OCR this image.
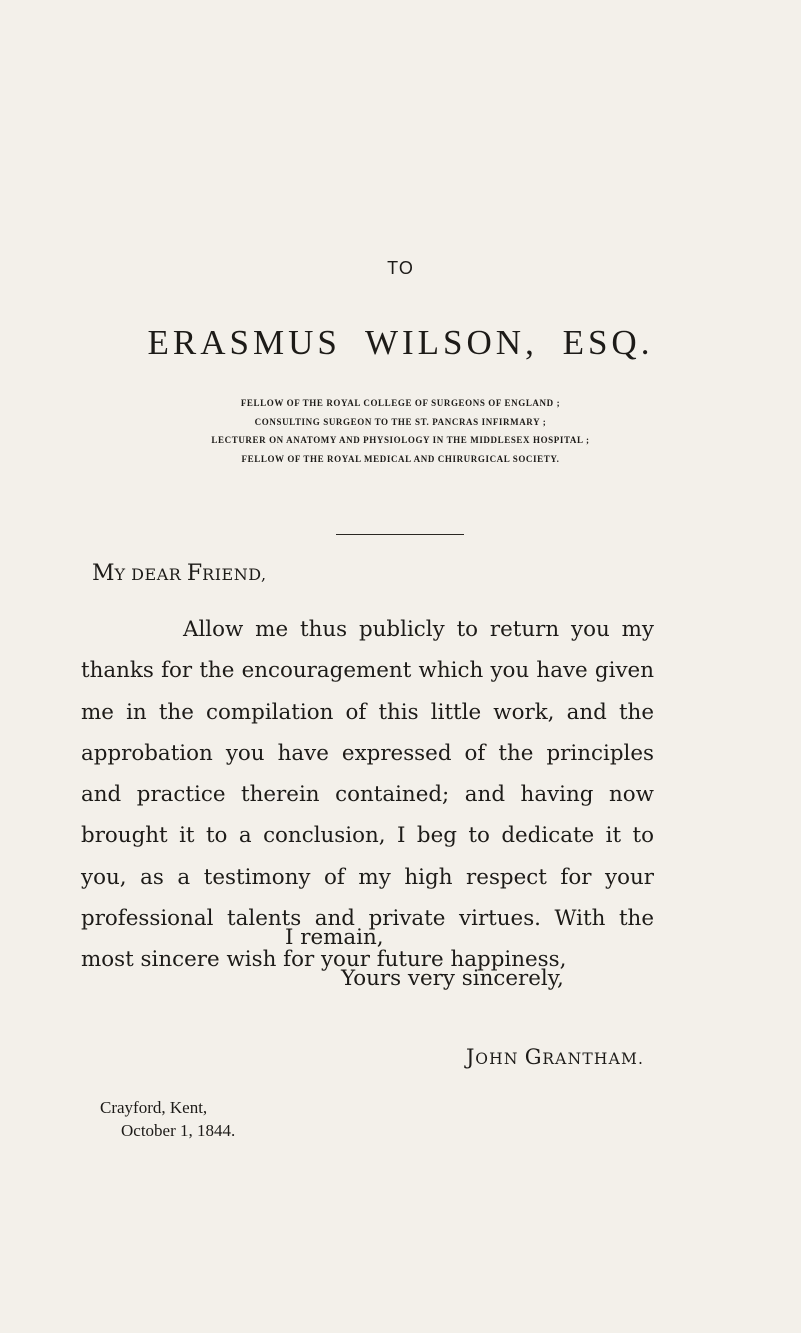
TO
ERASMUS WILSON, ESQ.
FELLOW OF THE ROYAL COLLEGE OF SURGEONS OF ENGLAND ;
CONSULTING SURGEON TO THE ST. PANCRAS INFIRMARY ;
LECTURER ON ANATOMY AND PHYSIOLOGY IN THE MIDDLESEX HOSPITAL ;
FELLOW OF THE ROYAL MEDICAL AND CHIRURGICAL SOCIETY.
MY DEAR FRIEND,
Allow me thus publicly to return you my thanks for the encouragement which you have given me in the compilation of this little work, and the approbation you have expressed of the principles and practice therein contained; and having now brought it to a conclusion, I beg to dedicate it to you, as a testimony of my high respect for your professional talents and private virtues. With the most sincere wish for your future happiness,
I remain,
Yours very sincerely,
JOHN GRANTHAM.
Crayford, Kent,
October 1, 1844.
